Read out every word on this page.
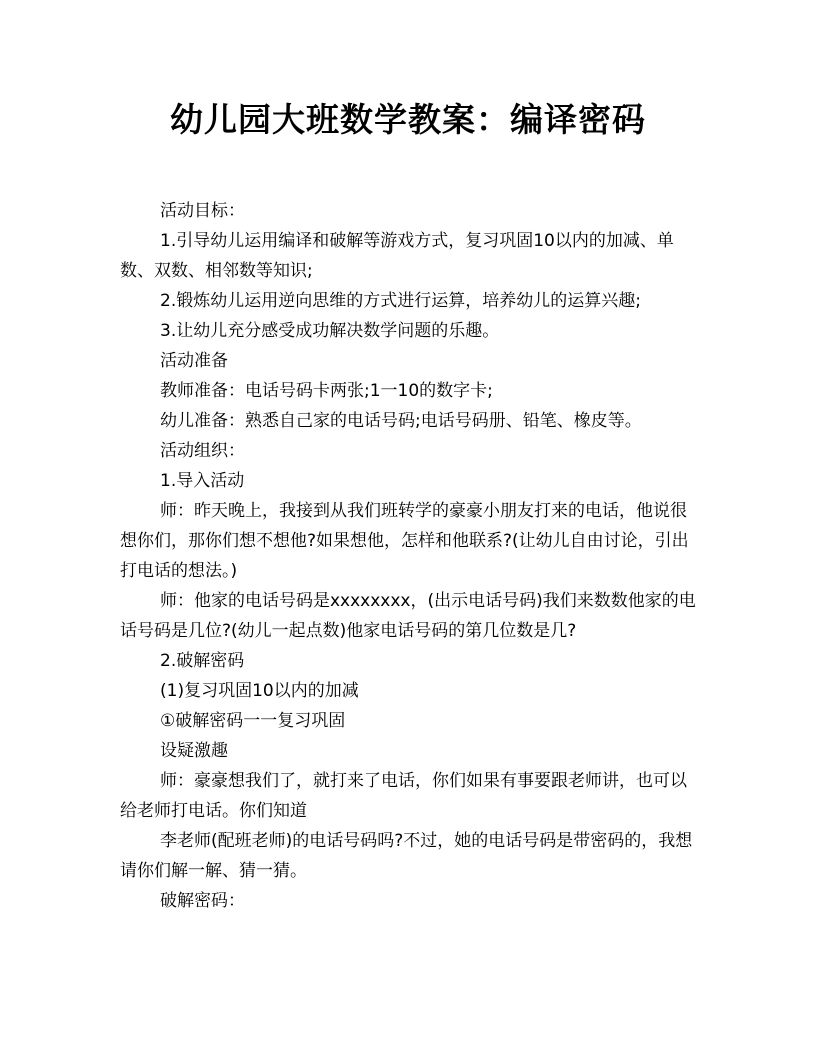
幼儿园大班数学教案：编译密码

活动目标：

1.引导幼儿运用编译和破解等游戏方式，复习巩固10以内的加减、单数、双数、相邻数等知识;

2.锻炼幼儿运用逆向思维的方式进行运算，培养幼儿的运算兴趣;

3.让幼儿充分感受成功解决数学问题的乐趣。

活动准备

教师准备：电话号码卡两张;1一10的数字卡;

幼儿准备：熟悉自己家的电话号码;电话号码册、铅笔、橡皮等。

活动组织：

1.导入活动

师：昨天晚上，我接到从我们班转学的豪豪小朋友打来的电话，他说很想你们，那你们想不想他?如果想他，怎样和他联系?(让幼儿自由讨论，引出打电话的想法。)

师：他家的电话号码是xxxxxxxx，(出示电话号码)我们来数数他家的电话号码是几位?(幼儿一起点数)他家电话号码的第几位数是几?

2.破解密码

(1)复习巩固10以内的加减

①破解密码一一复习巩固

设疑激趣

师：豪豪想我们了，就打来了电话，你们如果有事要跟老师讲，也可以给老师打电话。你们知道

李老师(配班老师)的电话号码吗?不过，她的电话号码是带密码的，我想请你们解一解、猜一猜。

破解密码：
